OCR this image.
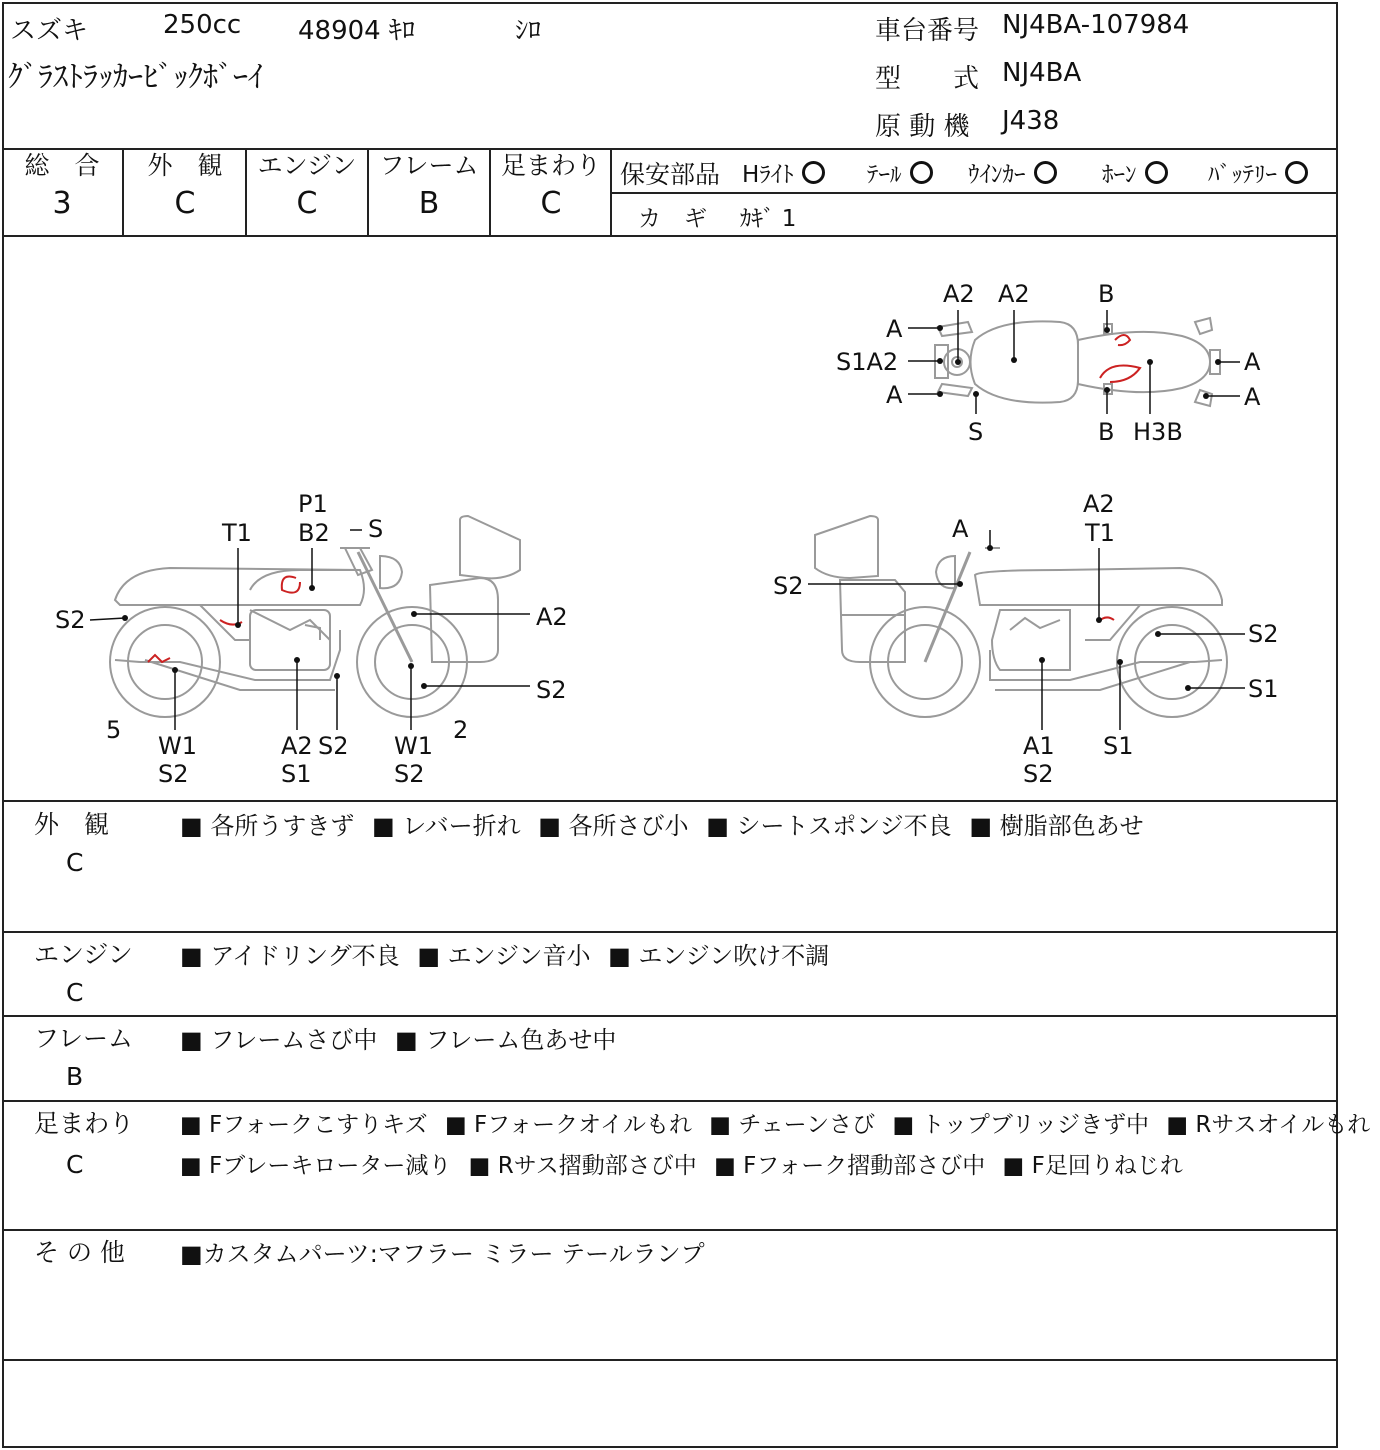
スズキ	250cc 48904 ｷﾛ	ｼﾛ
ｸﾞﾗｽﾄﾗｯｶｰﾋﾞｯｸﾎﾞｰｲ
車台番号 NJ4BA-107984
型　　式 NJ4BA
原 動 機 J438
総　合
3
外　観
C
エンジン
C
フレーム
B
足まわり
C
保安部品 Hﾗｲﾄ	ﾃｰﾙ	ｳｲﾝｶｰ	ﾎｰﾝ	ﾊﾞｯﾃﾘｰ
カ　ギ ｶｷﾞ 1
A2 A2	B
A
S1A2
A
A
A
S	B H3B
P1
B2 S
T1
S2	A2
S2
5
W1
S2
A2 S2
S1
W1
S2
2
A
A2
T1
S2
S2
S1
A1
S2
S1
外　観
C
■ 各所うすきず ■ レバー折れ ■ 各所さび小 ■ シートスポンジ不良 ■ 樹脂部色あせ
エンジン
C
■ アイドリング不良 ■ エンジン音小 ■ エンジン吹け不調
フレーム
B
■ フレームさび中 ■ フレーム色あせ中
足まわり
C
■ Fフォークこすりキズ ■ Fフォークオイルもれ ■ チェーンさび ■ トップブリッジきず中 ■ Rサスオイルもれ
■ Fブレーキローター減り ■ Rサス摺動部さび中 ■ Fフォーク摺動部さび中 ■ F足回りねじれ
そ の 他 ■カスタムパーツ:マフラー ミラー テールランプ
